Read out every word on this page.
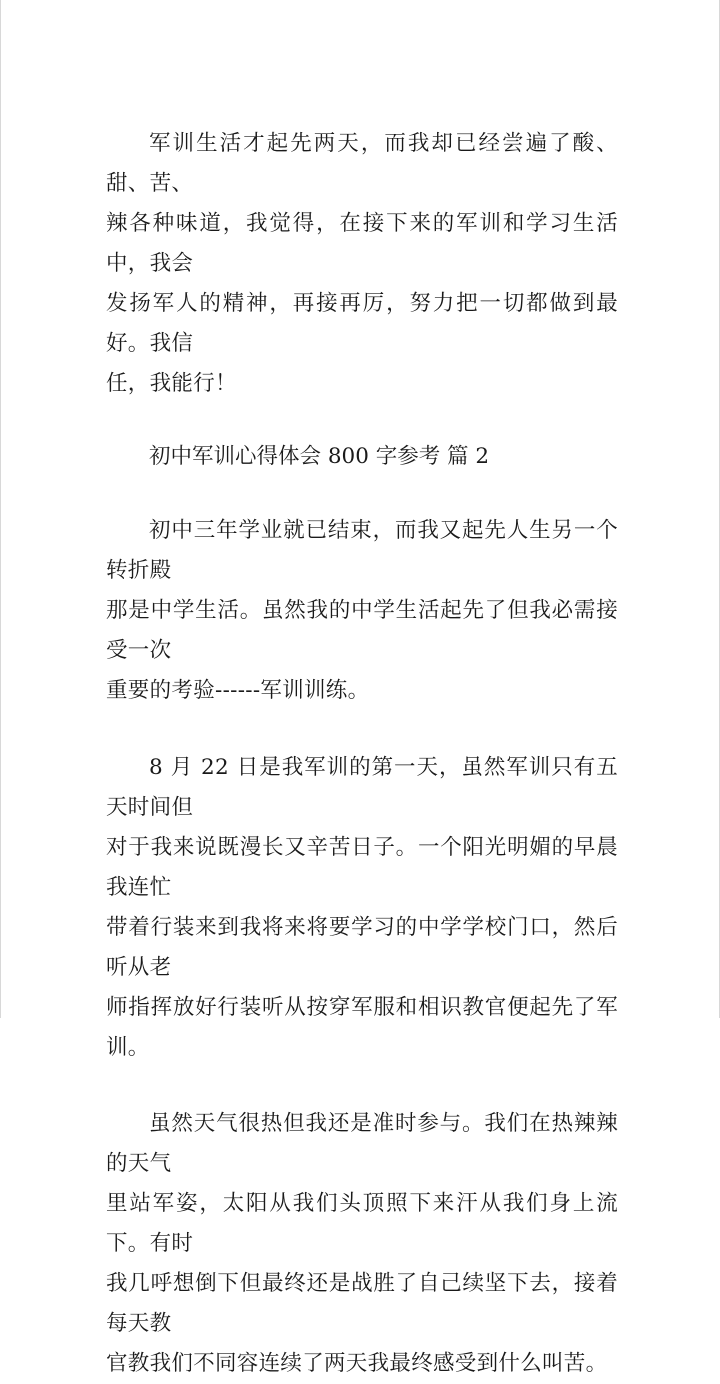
军训生活才起先两天，而我却已经尝遍了酸、甜、苦、
辣各种味道，我觉得，在接下来的军训和学习生活中，我会
发扬军人的精神，再接再厉，努力把一切都做到最好。我信
任，我能行！

初中军训心得体会 800 字参考 篇 2

初中三年学业就已结束，而我又起先人生另一个转折殿
那是中学生活。虽然我的中学生活起先了但我必需接受一次
重要的考验------军训训练。

8 月 22 日是我军训的第一天，虽然军训只有五天时间但
对于我来说既漫长又辛苦日子。一个阳光明媚的早晨我连忙
带着行装来到我将来将要学习的中学学校门口，然后听从老
师指挥放好行装听从按穿军服和相识教官便起先了军训。

虽然天气很热但我还是准时参与。我们在热辣辣的天气
里站军姿，太阳从我们头顶照下来汗从我们身上流下。有时
我几呼想倒下但最终还是战胜了自己续坚下去，接着每天教
官教我们不同容连续了两天我最终感受到什么叫苦。
